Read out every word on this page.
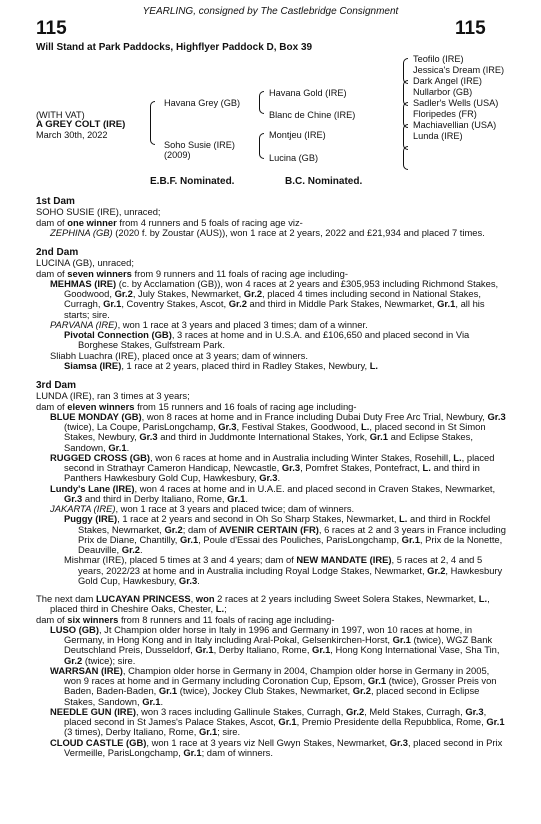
YEARLING, consigned by The Castlebridge Consignment
115	115
Will Stand at Park Paddocks, Highflyer Paddock D, Box 39
(WITH VAT)
A GREY COLT (IRE)
March 30th, 2022
Havana Grey (GB)
Soho Susie (IRE)
(2009)
Havana Gold (IRE)
Blanc de Chine (IRE)
Montjeu (IRE)
Lucina (GB)
Teofilo (IRE)
Jessica's Dream (IRE)
Dark Angel (IRE)
Nullarbor (GB)
Sadler's Wells (USA)
Floripedes (FR)
Machiavellian (USA)
Lunda (IRE)
E.B.F. Nominated.	B.C. Nominated.
1st Dam

SOHO SUSIE (IRE), unraced;

dam of one winner from 4 runners and 5 foals of racing age viz-

ZEPHINA (GB) (2020 f. by Zoustar (AUS)), won 1 race at 2 years, 2022 and £21,934 and placed 7 times.

2nd Dam

LUCINA (GB), unraced;

dam of seven winners from 9 runners and 11 foals of racing age including-

MEHMAS (IRE) (c. by Acclamation (GB)), won 4 races at 2 years and £305,953 including Richmond Stakes, Goodwood, Gr.2, July Stakes, Newmarket, Gr.2, placed 4 times including second in National Stakes, Curragh, Gr.1, Coventry Stakes, Ascot, Gr.2 and third in Middle Park Stakes, Newmarket, Gr.1, all his starts; sire.

PARVANA (IRE), won 1 race at 3 years and placed 3 times; dam of a winner.

Pivotal Connection (GB), 3 races at home and in U.S.A. and £106,650 and placed second in Via Borghese Stakes, Gulfstream Park.

Sliabh Luachra (IRE), placed once at 3 years; dam of winners.

Siamsa (IRE), 1 race at 2 years, placed third in Radley Stakes, Newbury, L.

3rd Dam

LUNDA (IRE), ran 3 times at 3 years;

dam of eleven winners from 15 runners and 16 foals of racing age including-

BLUE MONDAY (GB), won 8 races at home and in France including Dubai Duty Free Arc Trial, Newbury, Gr.3 (twice), La Coupe, ParisLongchamp, Gr.3, Festival Stakes, Goodwood, L., placed second in St Simon Stakes, Newbury, Gr.3 and third in Juddmonte International Stakes, York, Gr.1 and Eclipse Stakes, Sandown, Gr.1.

RUGGED CROSS (GB), won 6 races at home and in Australia including Winter Stakes, Rosehill, L., placed second in Strathayr Cameron Handicap, Newcastle, Gr.3, Pomfret Stakes, Pontefract, L. and third in Panthers Hawkesbury Gold Cup, Hawkesbury, Gr.3.

Lundy's Lane (IRE), won 4 races at home and in U.A.E. and placed second in Craven Stakes, Newmarket, Gr.3 and third in Derby Italiano, Rome, Gr.1.

JAKARTA (IRE), won 1 race at 3 years and placed twice; dam of winners.

Puggy (IRE), 1 race at 2 years and second in Oh So Sharp Stakes, Newmarket, L. and third in Rockfel Stakes, Newmarket, Gr.2; dam of AVENIR CERTAIN (FR), 6 races at 2 and 3 years in France including Prix de Diane, Chantilly, Gr.1, Poule d'Essai des Pouliches, ParisLongchamp, Gr.1, Prix de la Nonette, Deauville, Gr.2.

Mishmar (IRE), placed 5 times at 3 and 4 years; dam of NEW MANDATE (IRE), 5 races at 2, 4 and 5 years, 2022/23 at home and in Australia including Royal Lodge Stakes, Newmarket, Gr.2, Hawkesbury Gold Cup, Hawkesbury, Gr.3.

The next dam LUCAYAN PRINCESS, won 2 races at 2 years including Sweet Solera Stakes, Newmarket, L., placed third in Cheshire Oaks, Chester, L.;

dam of six winners from 8 runners and 11 foals of racing age including-

LUSO (GB), Jt Champion older horse in Italy in 1996 and Germany in 1997, won 10 races at home, in Germany, in Hong Kong and in Italy including Aral-Pokal, Gelsenkirchen-Horst, Gr.1 (twice), WGZ Bank Deutschland Preis, Dusseldorf, Gr.1, Derby Italiano, Rome, Gr.1, Hong Kong International Vase, Sha Tin, Gr.2 (twice); sire.

WARRSAN (IRE), Champion older horse in Germany in 2004, Champion older horse in Germany in 2005, won 9 races at home and in Germany including Coronation Cup, Epsom, Gr.1 (twice), Grosser Preis von Baden, Baden-Baden, Gr.1 (twice), Jockey Club Stakes, Newmarket, Gr.2, placed second in Eclipse Stakes, Sandown, Gr.1.

NEEDLE GUN (IRE), won 3 races including Gallinule Stakes, Curragh, Gr.2, Meld Stakes, Curragh, Gr.3, placed second in St James's Palace Stakes, Ascot, Gr.1, Premio Presidente della Repubblica, Rome, Gr.1 (3 times), Derby Italiano, Rome, Gr.1; sire.

CLOUD CASTLE (GB), won 1 race at 3 years viz Nell Gwyn Stakes, Newmarket, Gr.3, placed second in Prix Vermeille, ParisLongchamp, Gr.1; dam of winners.
